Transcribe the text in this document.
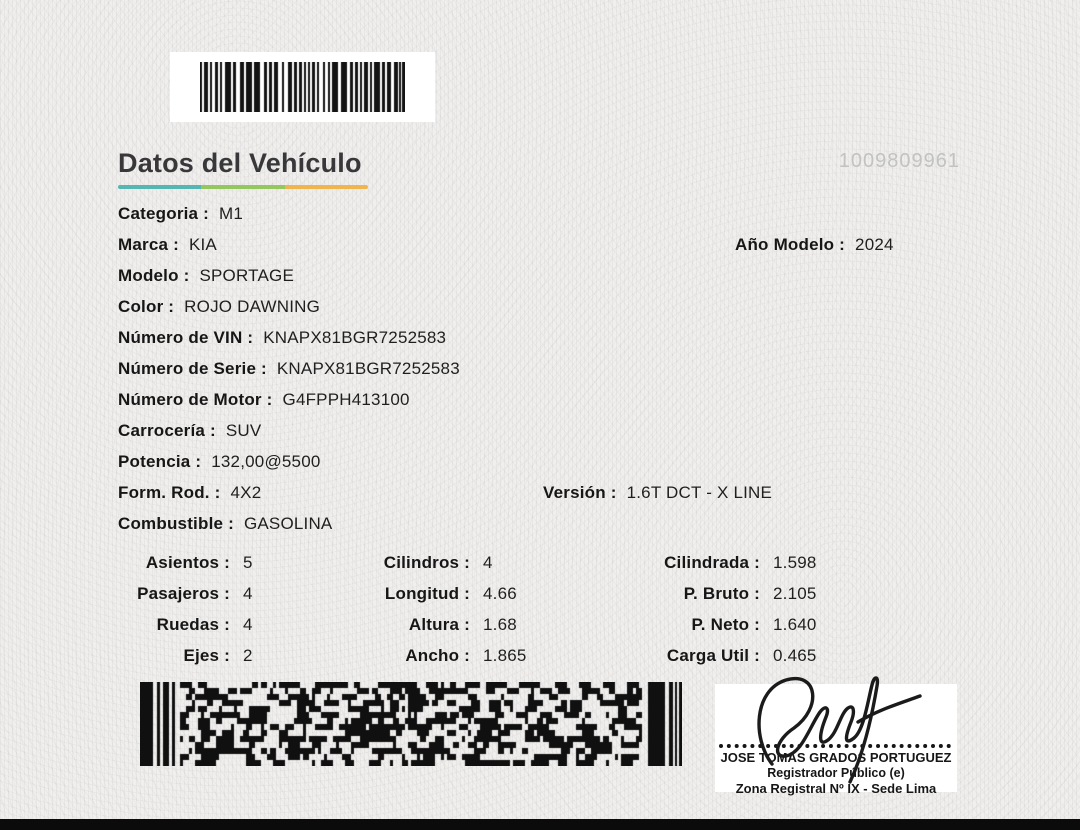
1009809961
Datos del Vehículo
Categoria : M1
Marca : KIA
Modelo : SPORTAGE
Color : ROJO DAWNING
Número de VIN : KNAPX81BGR7252583
Número de Serie : KNAPX81BGR7252583
Número de Motor : G4FPPH413100
Carrocería : SUV
Potencia : 132,00@5500
Form. Rod. : 4X2
Combustible : GASOLINA
Año Modelo : 2024
Versión : 1.6T DCT - X LINE
Asientos : 5
Pasajeros : 4
Ruedas : 4
Ejes : 2
Cilindros : 4
Longitud : 4.66
Altura : 1.68
Ancho : 1.865
Cilindrada : 1.598
P. Bruto : 2.105
P. Neto : 1.640
Carga Util : 0.465
JOSE TOMAS GRADOS PORTUGUEZ
Registrador Público (e)
Zona Registral Nº IX - Sede Lima
